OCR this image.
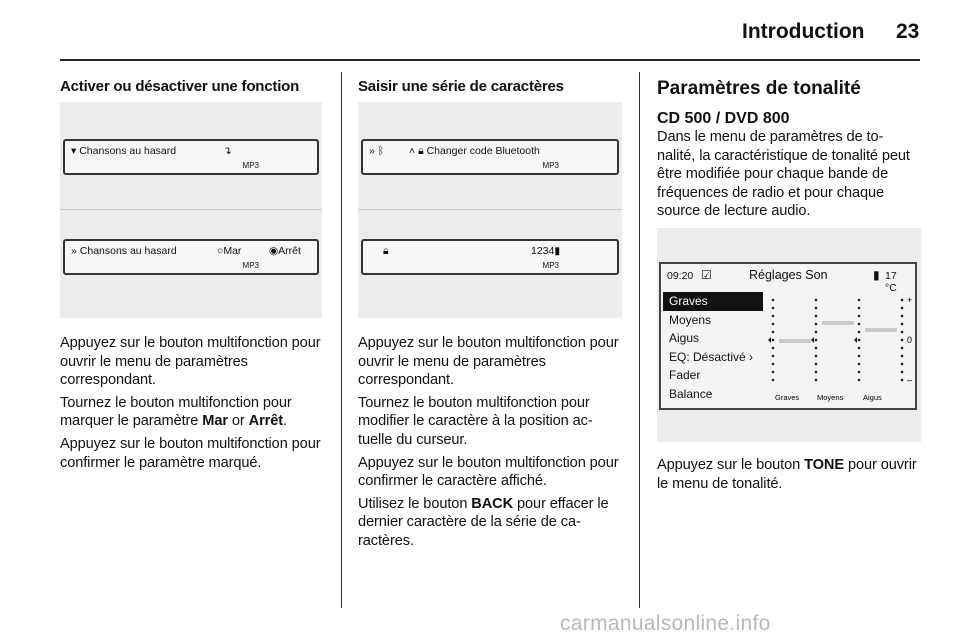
Introduction 23
▾ Chansons au hasard	↴
MP3
» Chansons au hasard	○Mar	◉Arrêt
MP3
» ᛒ ˄ 🔒︎ Changer code Bluetooth
MP3
🔒︎	1234▮
MP3
09:20 ☑	Réglages Son	▮ 17 °C
Graves
Moyens
Aigus
EQ: Désactivé ›
Fader
Balance
+
0
–
Graves Moyens	Aigus
Activer ou désactiver une fonction

Appuyez sur le bouton multifonction pour ouvrir le menu de paramètres correspondant.

Tournez le bouton multifonction pour marquer le paramètre Mar or Arrêt.

Appuyez sur le bouton multifonction pour confirmer le paramètre marqué.

Saisir une série de caractères

Appuyez sur le bouton multifonction pour ouvrir le menu de paramètres correspondant.

Tournez le bouton multifonction pour modifier le caractère à la position ac-tuelle du curseur.

Appuyez sur le bouton multifonction pour confirmer le caractère affiché.

Utilisez le bouton BACK pour effacer le dernier caractère de la série de ca-ractères.

Paramètres de tonalité
CD 500 / DVD 800

Dans le menu de paramètres de to-nalité, la caractéristique de tonalité peut être modifiée pour chaque bande de fréquences de radio et pour chaque source de lecture audio.

Appuyez sur le bouton TONE pour ouvrir le menu de tonalité.

carmanualsonline.info
